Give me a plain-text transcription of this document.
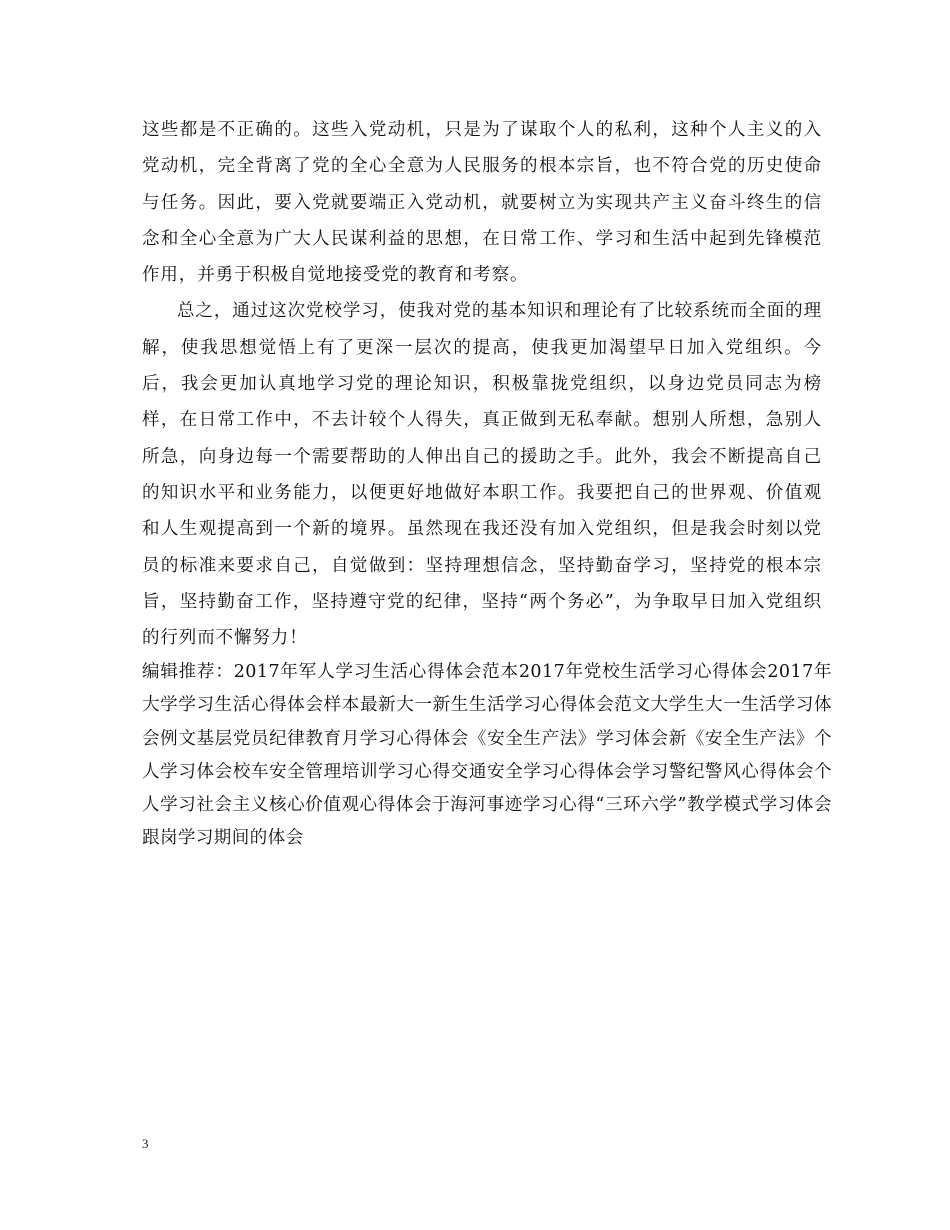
这些都是不正确的。这些入党动机，只是为了谋取个人的私利，这种个人主义的入党动机，完全背离了党的全心全意为人民服务的根本宗旨，也不符合党的历史使命与任务。因此，要入党就要端正入党动机，就要树立为实现共产主义奋斗终生的信念和全心全意为广大人民谋利益的思想，在日常工作、学习和生活中起到先锋模范作用，并勇于积极自觉地接受党的教育和考察。

总之，通过这次党校学习，使我对党的基本知识和理论有了比较系统而全面的理解，使我思想觉悟上有了更深一层次的提高，使我更加渴望早日加入党组织。今后，我会更加认真地学习党的理论知识，积极靠拢党组织，以身边党员同志为榜样，在日常工作中，不去计较个人得失，真正做到无私奉献。想别人所想，急别人所急，向身边每一个需要帮助的人伸出自己的援助之手。此外，我会不断提高自己的知识水平和业务能力，以便更好地做好本职工作。我要把自己的世界观、价值观和人生观提高到一个新的境界。虽然现在我还没有加入党组织，但是我会时刻以党员的标准来要求自己，自觉做到：坚持理想信念，坚持勤奋学习，坚持党的根本宗旨，坚持勤奋工作，坚持遵守党的纪律，坚持“两个务必”，为争取早日加入党组织的行列而不懈努力！

编辑推荐：2017年军人学习生活心得体会范本2017年党校生活学习心得体会2017年大学学习生活心得体会样本最新大一新生生活学习心得体会范文大学生大一生活学习体会例文基层党员纪律教育月学习心得体会《安全生产法》学习体会新《安全生产法》个人学习体会校车安全管理培训学习心得交通安全学习心得体会学习警纪警风心得体会个人学习社会主义核心价值观心得体会于海河事迹学习心得“三环六学”教学模式学习体会跟岗学习期间的体会

3
